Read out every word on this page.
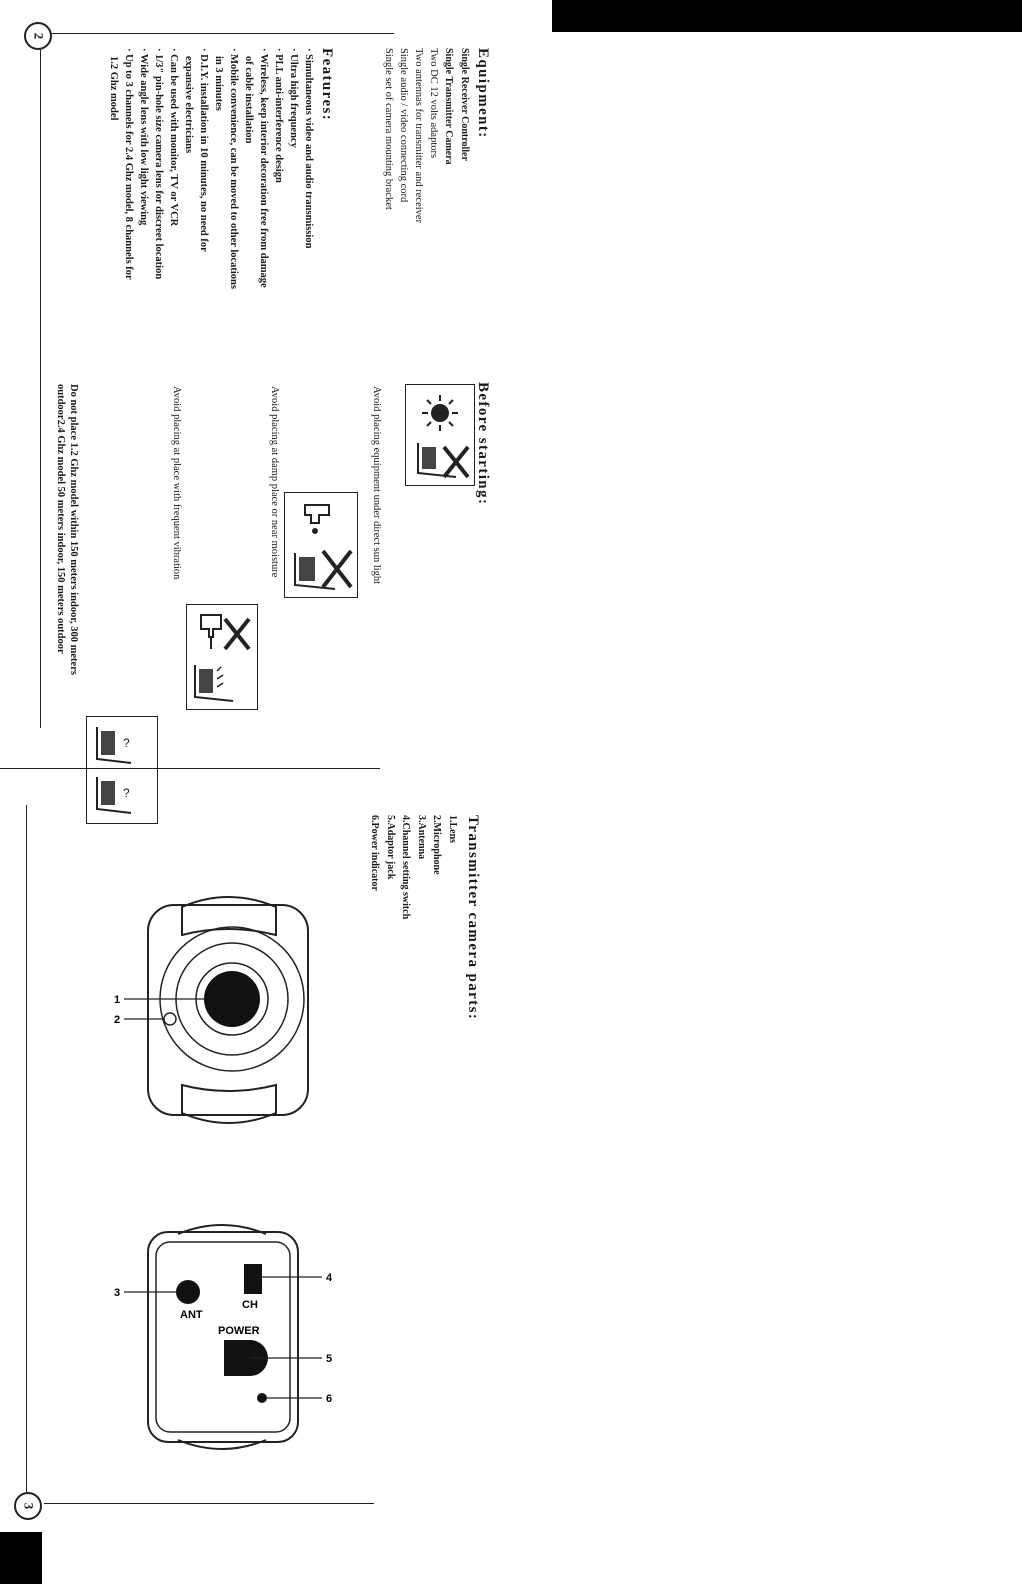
2
3
Equipment:
Single Receiver Controller
Single Transmitter Camera
Two DC 12 volts adaptors
Two antennas for transmitter and receiver
Single audio / video connecting cord
Single set of camera mounting bracket
Features:
· Simultaneous video and audio transmission
· Ultra high frequency
· PLL anti-interference design
· Wireless, keep interior decoration free from damage
of cable installation
· Mobile convenience, can be moved to other locations
in 3 minutes
· D.I.Y. installation in 10 minutes, no need for
expansive electricians
· Can be used with monitor, TV or VCR
· 1/3" pin-hole size camera lens for discreet location
· Wide angle lens with low light viewing
· Up to 3 channels for 2.4 Ghz model, 8 channels for
1.2 Ghz model
Before starting:
Avoid placing equipment under direct sun light
Avoid placing at damp place or near moisture
Avoid placing at place with frequent vibration
?
?
Do not place 1.2 Ghz model within 150 meters indoor, 300 meters outdoor2.4 Ghz model 50 meters indoor, 150 meters outdoor
Transmitter camera parts:
1.Lens
2.Microphone
3.Antenna
4.Channel setting switch
5.Adaptor jack
6.Power indicator
1
2
3
4
5
6
ANT
CH
POWER
